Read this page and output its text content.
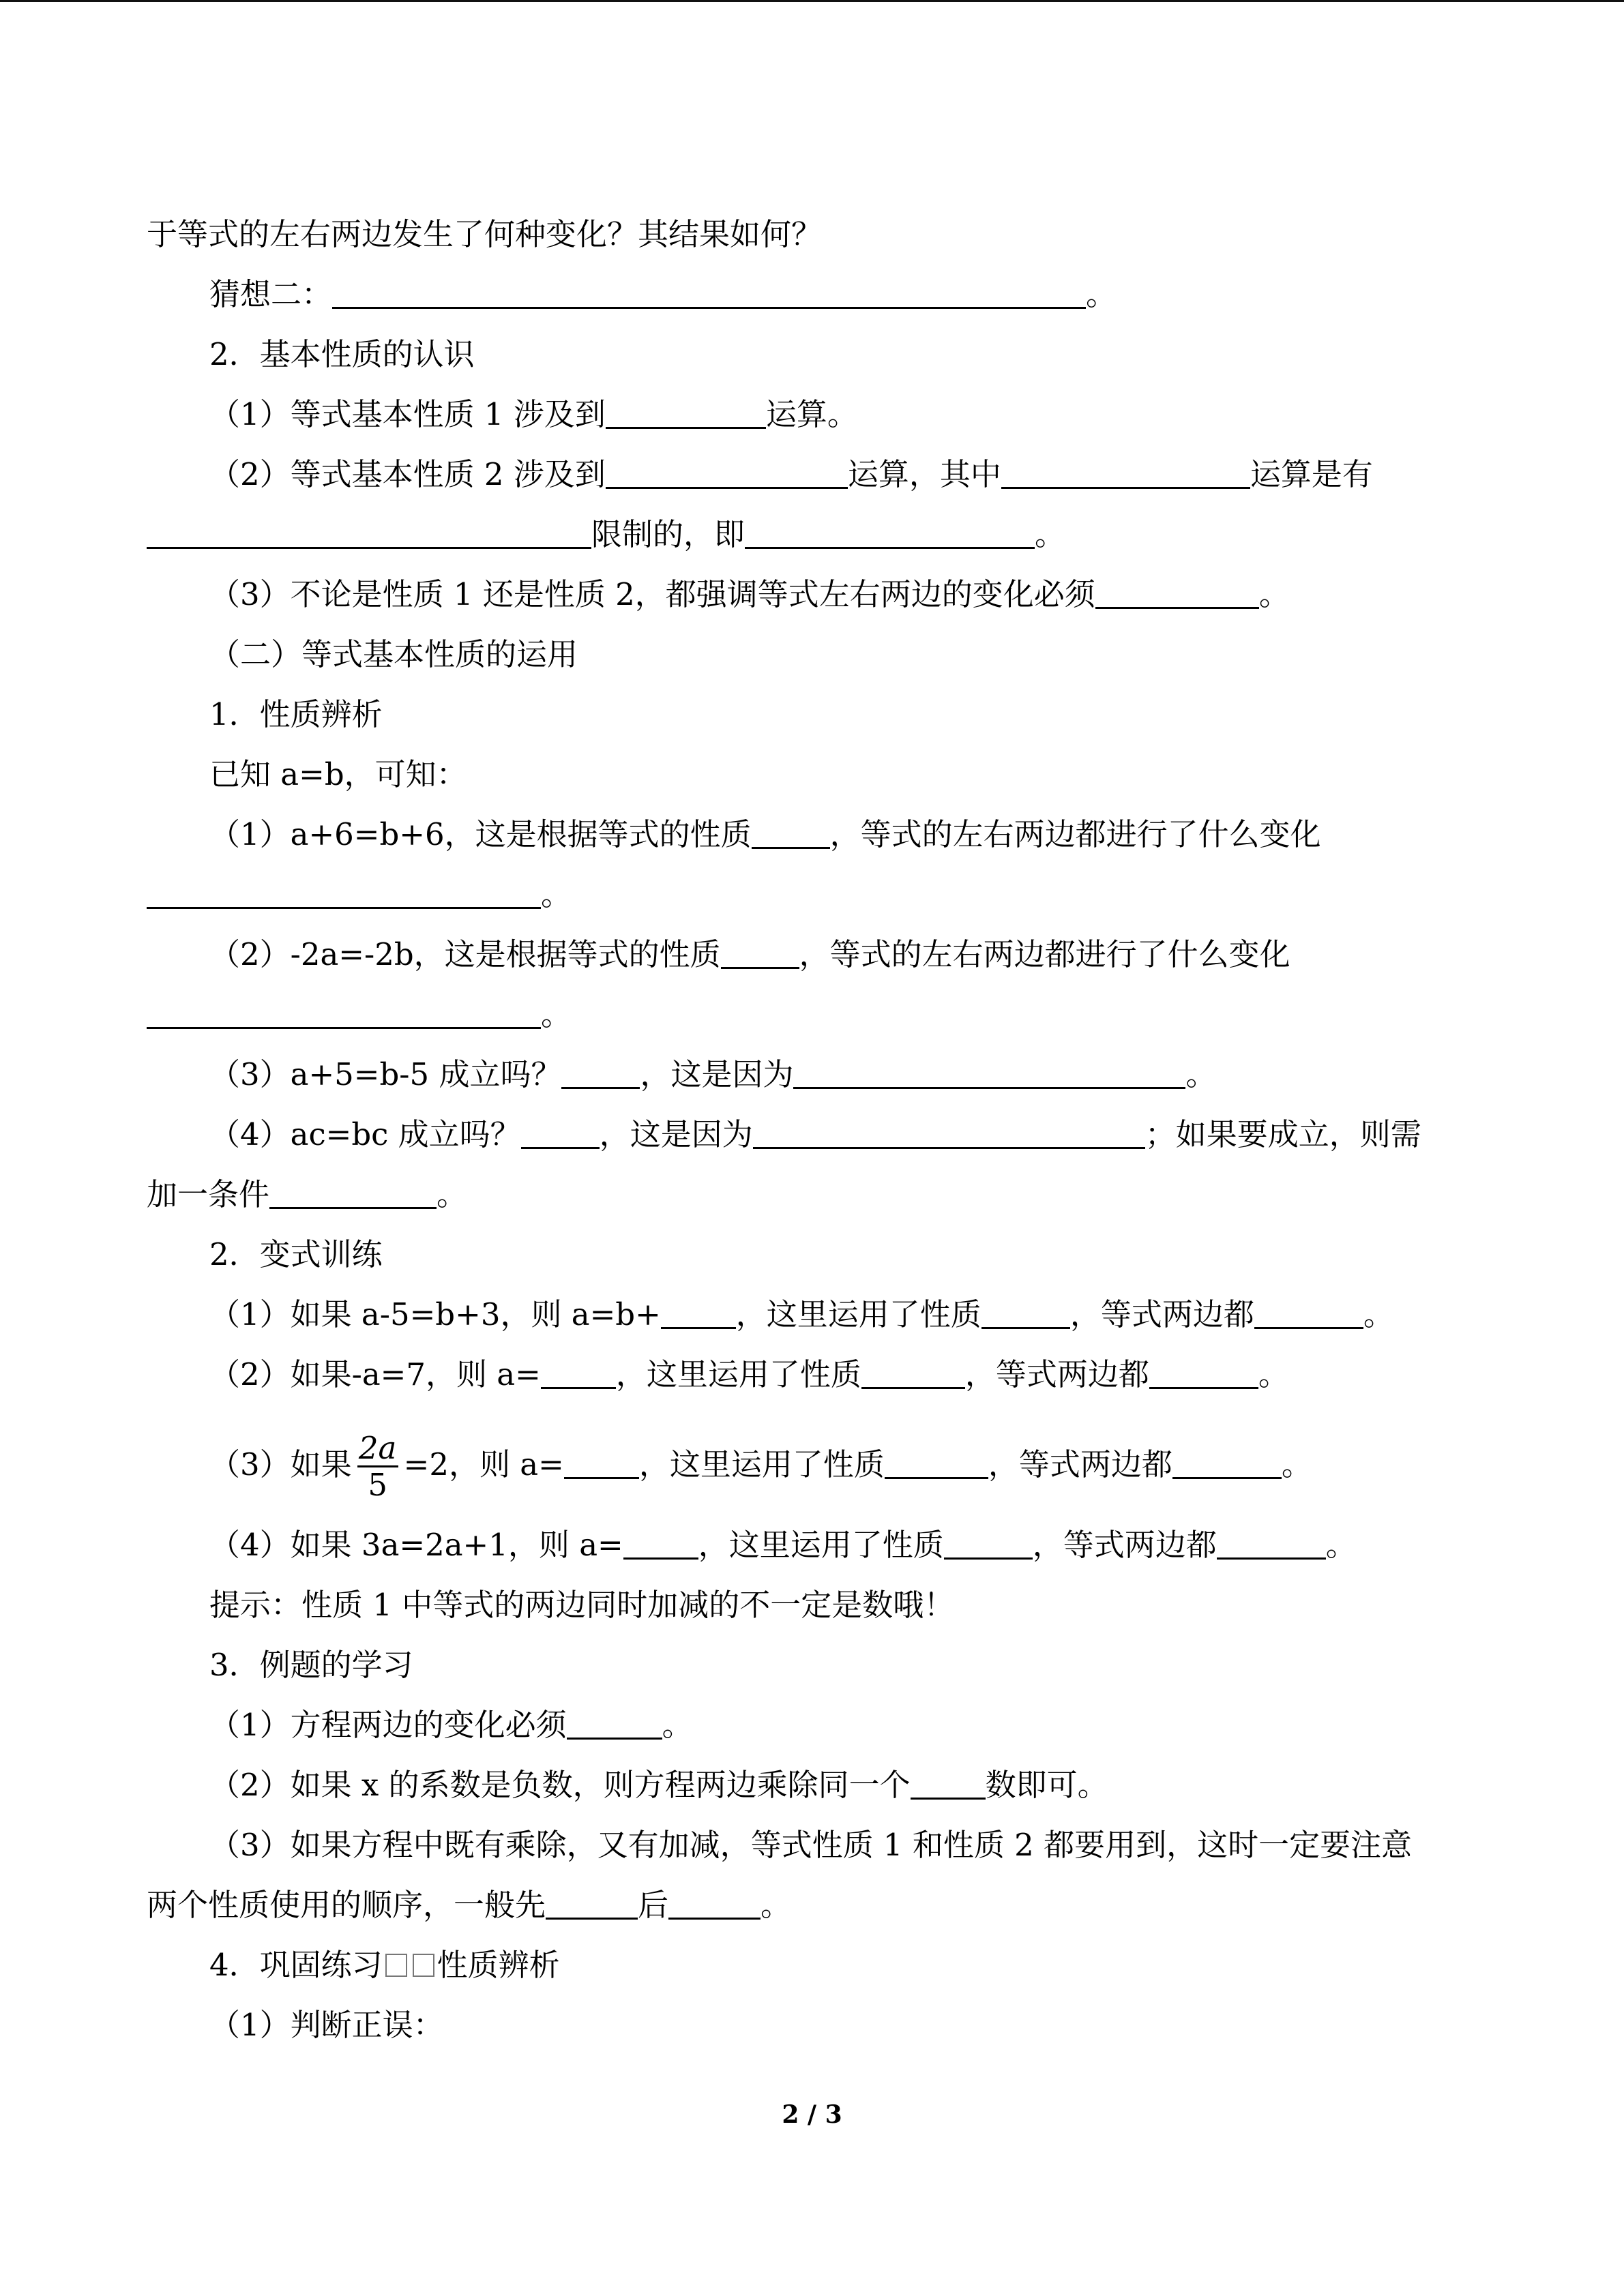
于等式的左右两边发生了何种变化？其结果如何？
猜想二：	。
2．基本性质的认识
（1）等式基本性质 1 涉及到	运算。
（2）等式基本性质 2 涉及到	运算，其中	运算是有
限制的，即	。
（3）不论是性质 1 还是性质 2，都强调等式左右两边的变化必须	。
（二）等式基本性质的运用
1．性质辨析
已知 a=b，可知：
（1）a+6=b+6，这是根据等式的性质	，等式的左右两边都进行了什么变化
。
（2）-2a=-2b，这是根据等式的性质	，等式的左右两边都进行了什么变化
。
（3）a+5=b-5 成立吗？	，这是因为	。
（4）ac=bc 成立吗？	，这是因为	；如果要成立，则需
加一条件	。
2．变式训练
（1）如果 a-5=b+3，则 a=b+ ，这里运用了性质	，等式两边都	。
（2）如果-a=7，则 a= ，这里运用了性质	，等式两边都	。
（3）如果 $\frac{2a}{5} =2$，则 a= ，这里运用了性质	，等式两边都	。
（4）如果 3a=2a+1，则 a= ，这里运用了性质	，等式两边都	。
提示：性质 1 中等式的两边同时加减的不一定是数哦！
3．例题的学习
（1）方程两边的变化必须	。
（2）如果 x 的系数是负数，则方程两边乘除同一个 数即可。
（3）如果方程中既有乘除，又有加减，等式性质 1 和性质 2 都要用到，这时一定要注意
两个性质使用的顺序，一般先	后	。
4．巩固练习 性质辨析
（1）判断正误：
2 / 3
